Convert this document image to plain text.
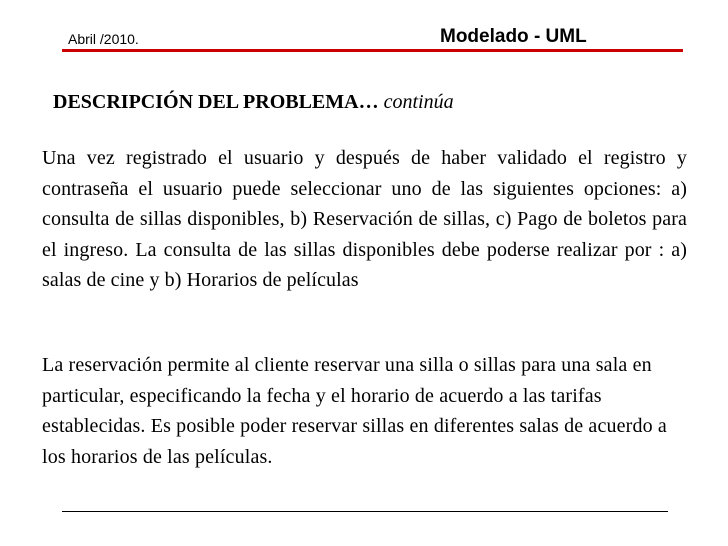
Abril /2010.	Modelado - UML
DESCRIPCIÓN DEL PROBLEMA… continúa

Una vez registrado el usuario y después de haber validado el registro y contraseña el usuario puede seleccionar uno de las siguientes opciones: a) consulta de sillas disponibles, b) Reservación de sillas, c) Pago de boletos para el ingreso. La consulta de las sillas disponibles debe poderse realizar por : a) salas de cine y b) Horarios de películas

La reservación permite al cliente reservar una silla o sillas para una sala en particular, especificando la fecha y el horario de acuerdo a las tarifas establecidas. Es posible poder reservar sillas en diferentes salas de acuerdo a los horarios de las películas.
